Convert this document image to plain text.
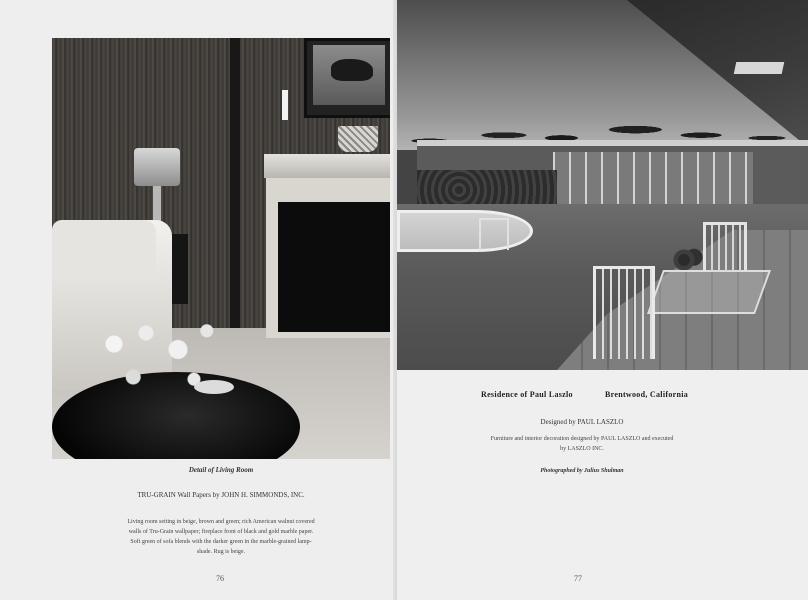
Detail of Living Room
TRU-GRAIN Wall Papers by JOHN H. SIMMONDS, INC.
Living room setting in beige, brown and green; rich American walnut covered
walls of Tru-Grain wallpaper; fireplace front of black and gold marble paper.
Soft green of sofa blends with the darker green in the marble-grained lamp-
shade. Rug is beige.
76
Residence of Paul Laszlo	Brentwood, California
Designed by PAUL LASZLO
Furniture and interior decoration designed by PAUL LASZLO and executed
by LASZLO INC.
Photographed by Julius Shulman
77
